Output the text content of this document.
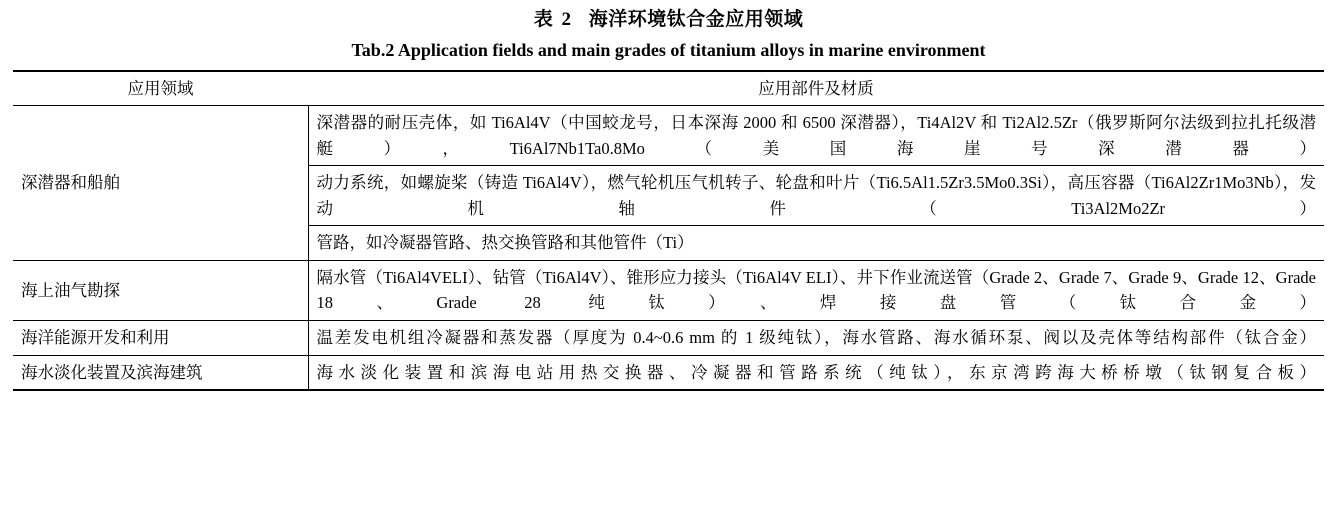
表 2 海洋环境钛合金应用领域
Tab.2 Application fields and main grades of titanium alloys in marine environment
应用领域	应用部件及材质
深潜器和船舶	深潜器的耐压壳体，如 Ti6Al4V（中国蛟龙号，日本深海 2000 和 6500 深潜器），Ti4Al2V 和 Ti2Al2.5Zr（俄罗斯阿尔法级到拉扎托级潜艇），Ti6Al7Nb1Ta0.8Mo（美国海崖号深潜器）
	动力系统，如螺旋桨（铸造 Ti6Al4V），燃气轮机压气机转子、轮盘和叶片（Ti6.5Al1.5Zr3.5Mo0.3Si），高压容器（Ti6Al2Zr1Mo3Nb），发动机轴件（Ti3Al2Mo2Zr）
	管路，如冷凝器管路、热交换管路和其他管件（Ti）
海上油气勘探	隔水管（Ti6Al4VELI）、钻管（Ti6Al4V）、锥形应力接头（Ti6Al4V ELI）、井下作业流送管（Grade 2、Grade 7、Grade 9、Grade 12、Grade 18、Grade 28 纯钛）、焊接盘管（钛合金）
海洋能源开发和利用	温差发电机组冷凝器和蒸发器（厚度为 0.4~0.6 mm 的 1 级纯钛），海水管路、海水循环泵、阀以及壳体等结构部件（钛合金）
海水淡化装置及滨海建筑	海水淡化装置和滨海电站用热交换器、冷凝器和管路系统（纯钛），东京湾跨海大桥桥墩（钛钢复合板）
